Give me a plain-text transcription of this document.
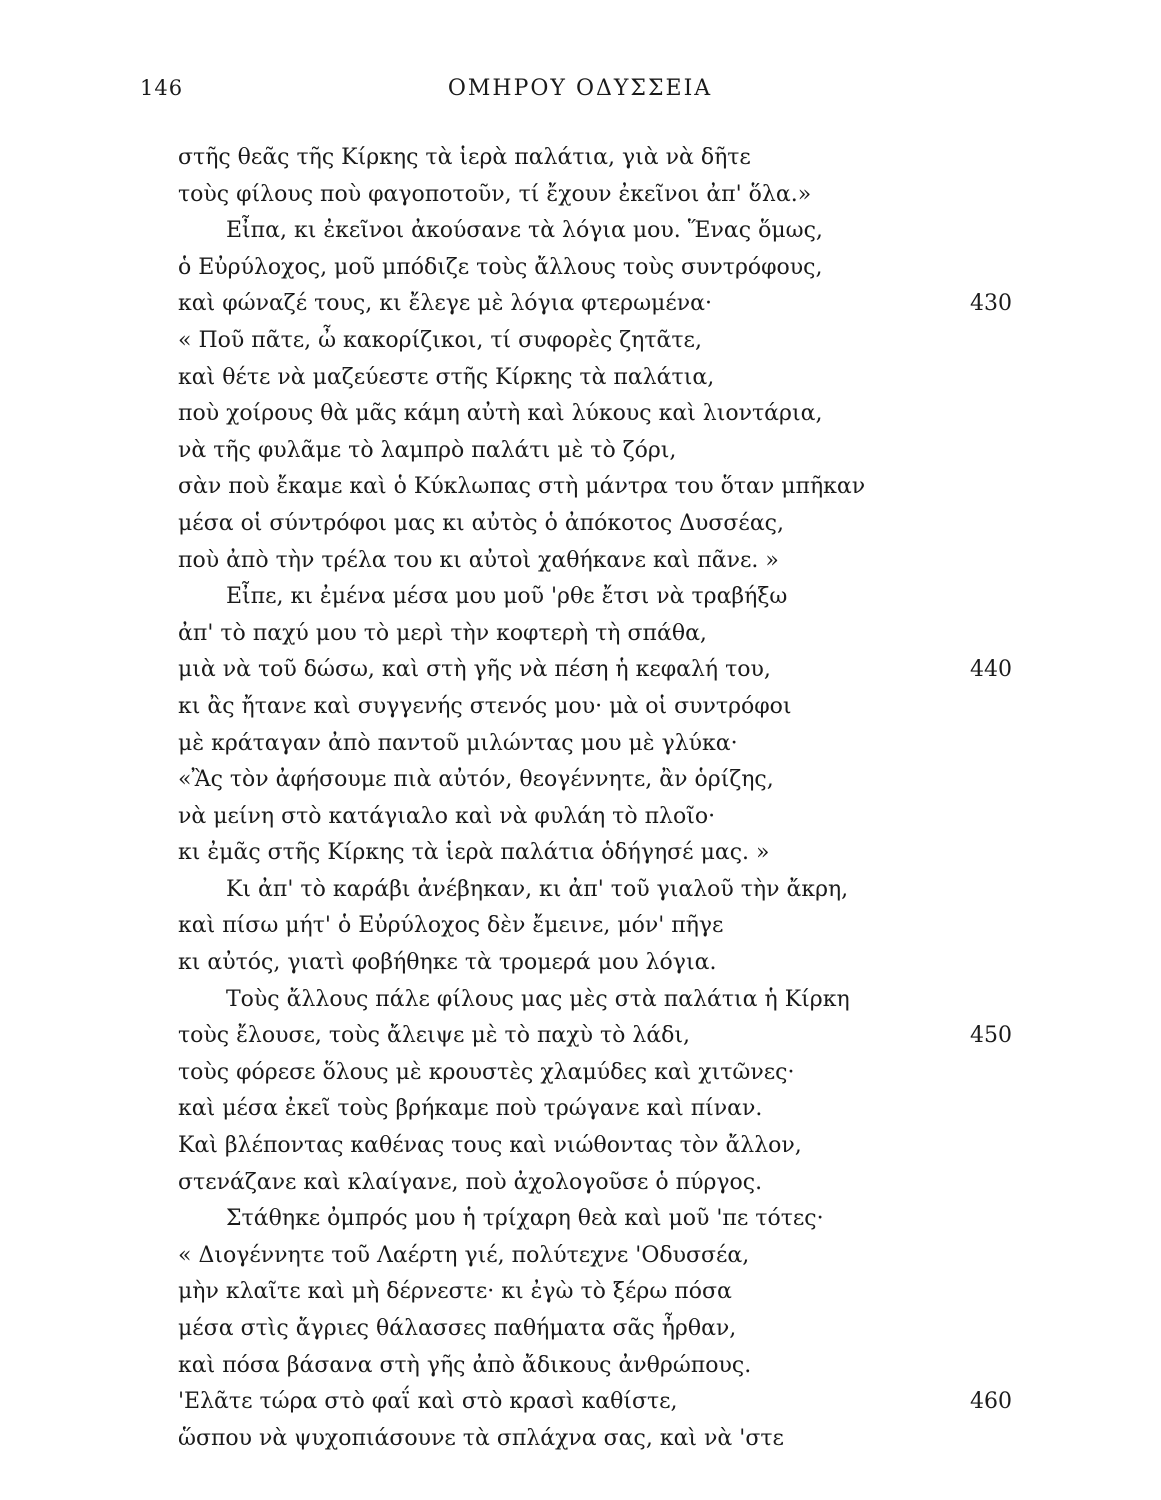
ΟΜΗΡΟΥ ΟΔΥΣΣΕΙΑ
146
στῆς θεᾶς τῆς Κίρκης τὰ ἱερὰ παλάτια, γιὰ νὰ δῆτε
τοὺς φίλους ποὺ φαγοποτοῦν, τί ἔχουν ἐκεῖνοι ἀπ' ὅλα.»
Εἶπα, κι ἐκεῖνοι ἀκούσανε τὰ λόγια μου. Ἕνας ὅμως,
ὁ Εὐρύλοχος, μοῦ μπόδιζε τοὺς ἄλλους τοὺς συντρόφους,
καὶ φώναζέ τους, κι ἔλεγε μὲ λόγια φτερωμένα·	430
« Ποῦ πᾶτε, ὦ κακορίζικοι, τί συφορὲς ζητᾶτε,
καὶ θέτε νὰ μαζεύεστε στῆς Κίρκης τὰ παλάτια,
ποὺ χοίρους θὰ μᾶς κάμη αὐτὴ καὶ λύκους καὶ λιοντάρια,
νὰ τῆς φυλᾶμε τὸ λαμπρὸ παλάτι μὲ τὸ ζόρι,
σὰν ποὺ ἔκαμε καὶ ὁ Κύκλωπας στὴ μάντρα του ὅταν μπῆκαν
μέσα οἱ σύντρόφοι μας κι αὐτὸς ὁ ἀπόκοτος Δυσσέας,
ποὺ ἀπὸ τὴν τρέλα του κι αὐτοὶ χαθήκανε καὶ πᾶνε. »
Εἶπε, κι ἐμένα μέσα μου μοῦ 'ρθε ἔτσι νὰ τραβήξω
ἀπ' τὸ παχύ μου τὸ μερὶ τὴν κοφτερὴ τὴ σπάθα,
μιὰ νὰ τοῦ δώσω, καὶ στὴ γῆς νὰ πέση ἡ κεφαλή του,	440
κι ἂς ἤτανε καὶ συγγενής στενός μου· μὰ οἱ συντρόφοι
μὲ κράταγαν ἀπὸ παντοῦ μιλώντας μου μὲ γλύκα·
«Ἂς τὸν ἀφήσουμε πιὰ αὐτόν, θεογέννητε, ἂν ὁρίζης,
νὰ μείνη στὸ κατάγιαλο καὶ νὰ φυλάη τὸ πλοῖο·
κι ἐμᾶς στῆς Κίρκης τὰ ἱερὰ παλάτια ὁδήγησέ μας. »
Κι ἀπ' τὸ καράβι ἀνέβηκαν, κι ἀπ' τοῦ γιαλοῦ τὴν ἄκρη,
καὶ πίσω μήτ' ὁ Εὐρύλοχος δὲν ἔμεινε, μόν' πῆγε
κι αὐτός, γιατὶ φοβήθηκε τὰ τρομερά μου λόγια.
Τοὺς ἄλλους πάλε φίλους μας μὲς στὰ παλάτια ἡ Κίρκη
τοὺς ἔλουσε, τοὺς ἄλειψε μὲ τὸ παχὺ τὸ λάδι,	450
τοὺς φόρεσε ὅλους μὲ κρουστὲς χλαμύδες καὶ χιτῶνες·
καὶ μέσα ἐκεῖ τοὺς βρήκαμε ποὺ τρώγανε καὶ πίναν.
Καὶ βλέποντας καθένας τους καὶ νιώθοντας τὸν ἄλλον,
στενάζανε καὶ κλαίγανε, ποὺ ἀχολογοῦσε ὁ πύργος.
Στάθηκε ὀμπρός μου ἡ τρίχαρη θεὰ καὶ μοῦ 'πε τότες·
« Διογέννητε τοῦ Λαέρτη γιέ, πολύτεχνε 'Οδυσσέα,
μὴν κλαῖτε καὶ μὴ δέρνεστε· κι ἐγὼ τὸ ξέρω πόσα
μέσα στὶς ἄγριες θάλασσες παθήματα σᾶς ἦρθαν,
καὶ πόσα βάσανα στὴ γῆς ἀπὸ ἄδικους ἀνθρώπους.
'Ελᾶτε τώρα στὸ φαΐ καὶ στὸ κρασὶ καθίστε,	460
ὥσπου νὰ ψυχοπιάσουνε τὰ σπλάχνα σας, καὶ νὰ 'στε
